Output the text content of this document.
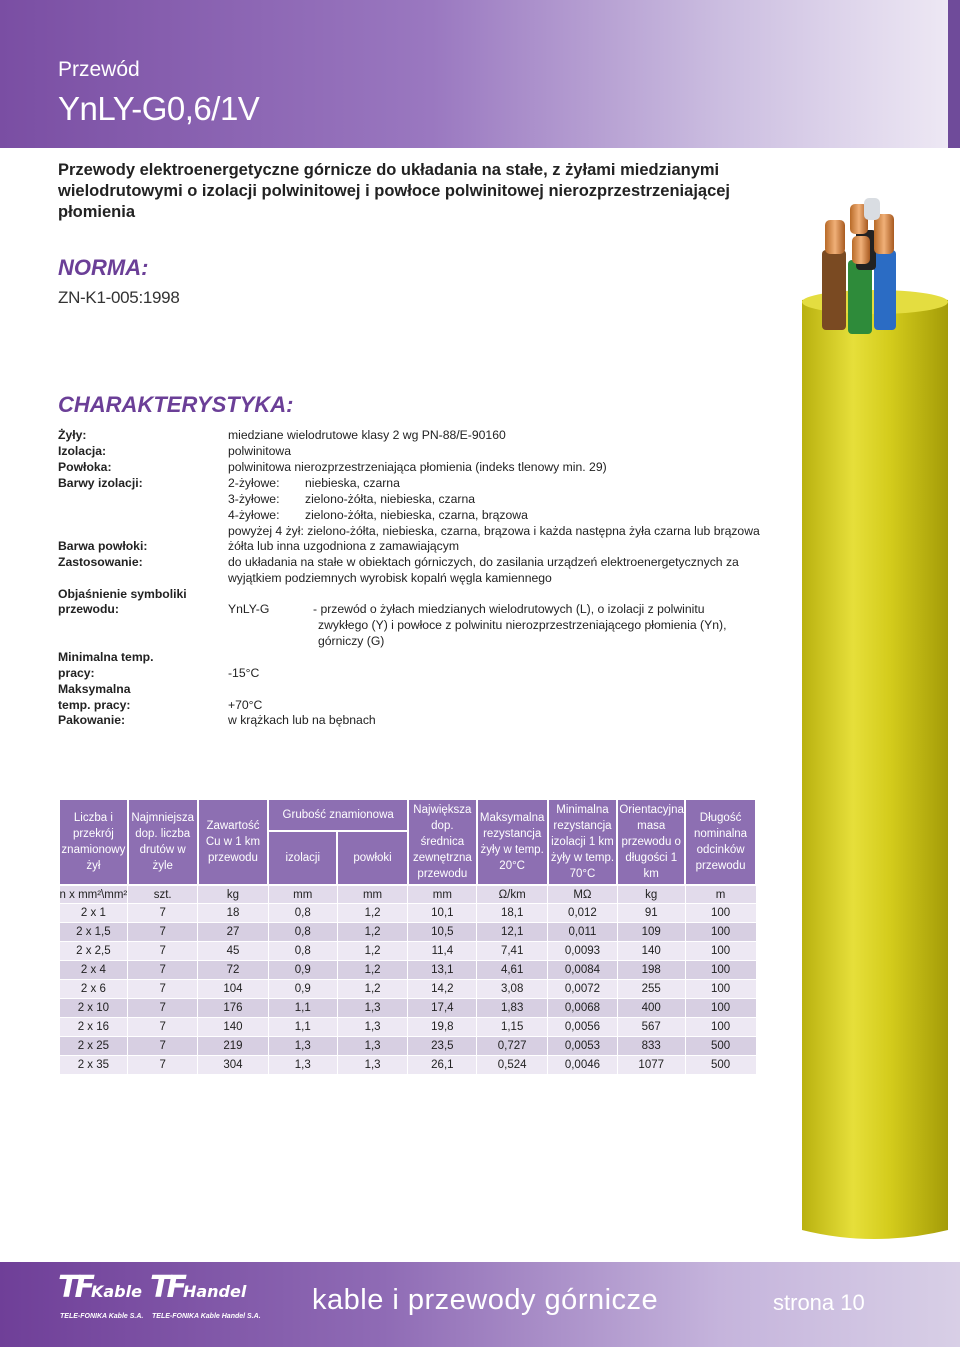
Przewód
YnLY-G0,6/1V
Przewody elektroenergetyczne górnicze do układania na stałe, z żyłami miedzianymi wielodrutowymi o izolacji polwinitowej i powłoce polwinitowej nierozprzestrzeniającej płomienia
NORMA:
ZN-K1-005:1998
CHARAKTERYSTYKA:
Żyły:	miedziane wielodrutowe klasy 2 wg PN-88/E-90160
Izolacja:	polwinitowa
Powłoka:	polwinitowa nierozprzestrzeniająca płomienia (indeks tlenowy min. 29)
Barwy izolacji:	2-żyłowe: niebieska, czarna
3-żyłowe: zielono-żółta, niebieska, czarna
4-żyłowe: zielono-żółta, niebieska, czarna, brązowa
powyżej 4 żył: zielono-żółta, niebieska, czarna, brązowa i każda następna żyła czarna lub brązowa
Barwa powłoki:	żółta lub inna uzgodniona z zamawiającym
Zastosowanie:	do układania na stałe w obiektach górniczych, do zasilania urządzeń elektroenergetycznych za
wyjątkiem podziemnych wyrobisk kopalń węgla kamiennego
Objaśnienie symboliki
przewodu:	YnLY-G	- przewód o żyłach miedzianych wielodrutowych (L), o izolacji z polwinitu
zwykłego (Y) i powłoce z polwinitu nierozprzestrzeniającego płomienia (Yn),
górniczy (G)
Minimalna temp.
pracy:	-15°C
Maksymalna
temp. pracy:	+70°C
Pakowanie:	w krążkach lub na bębnach
Liczba i przekrój znamionowy żył	Najmniejsza dop. liczba drutów w żyle	Zawartość Cu w 1 km przewodu	Grubość znamionowa		Największa dop. średnica zewnętrzna przewodu	Maksymalna rezystancja żyły w temp. 20°C	Minimalna rezystancja izolacji 1 km żyły w temp. 70°C	Orientacyjna masa przewodu o długości 1 km	Długość nominalna odcinków przewodu
			izolacji	powłoki					
n x mm²\mm²	szt.	kg	mm	mm	mm	Ω/km	MΩ	kg	m
2 x 1	7	18	0,8	1,2	10,1	18,1	0,012	91	100
2 x 1,5	7	27	0,8	1,2	10,5	12,1	0,011	109	100
2 x 2,5	7	45	0,8	1,2	11,4	7,41	0,0093	140	100
2 x 4	7	72	0,9	1,2	13,1	4,61	0,0084	198	100
2 x 6	7	104	0,9	1,2	14,2	3,08	0,0072	255	100
2 x 10	7	176	1,1	1,3	17,4	1,83	0,0068	400	100
2 x 16	7	140	1,1	1,3	19,8	1,15	0,0056	567	100
2 x 25	7	219	1,3	1,3	23,5	0,727	0,0053	833	500
2 x 35	7	304	1,3	1,3	26,1	0,524	0,0046	1077	500
TFKable
TELE-FONIKA Kable S.A.
TFHandel
TELE-FONIKA Kable Handel S.A.
kable i przewody górnicze	strona 10
